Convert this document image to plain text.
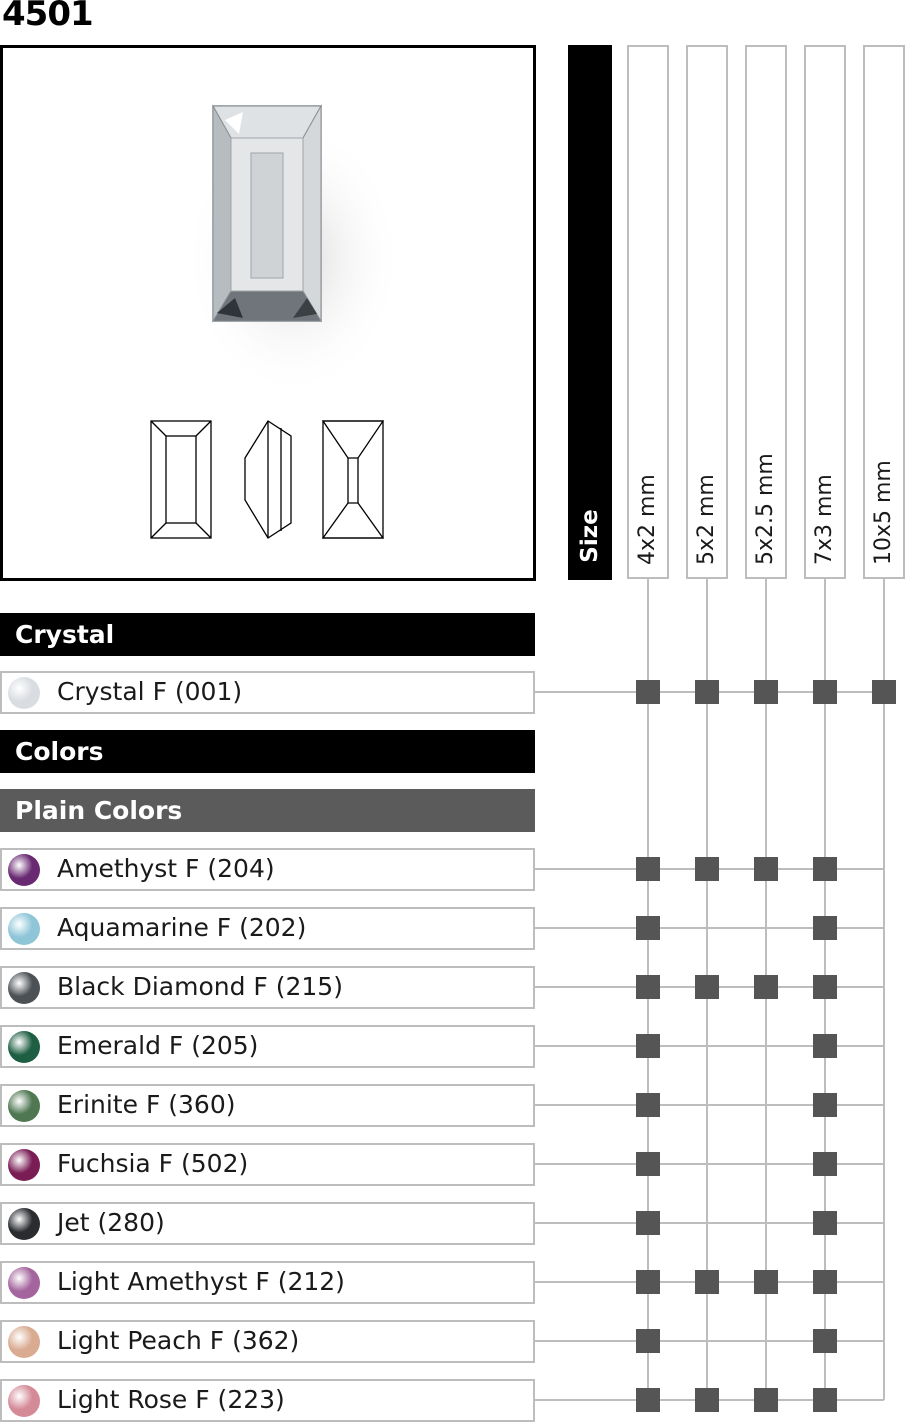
4501
Size 4x2 mm 5x2 mm 5x2.5 mm 7x3 mm 10x5 mm
Crystal
Colors
Plain Colors
Crystal F (001)
Amethyst F (204)
Aquamarine F (202)
Black Diamond F (215)
Emerald F (205)
Erinite F (360)
Fuchsia F (502)
Jet (280)
Light Amethyst F (212)
Light Peach F (362)
Light Rose F (223)
